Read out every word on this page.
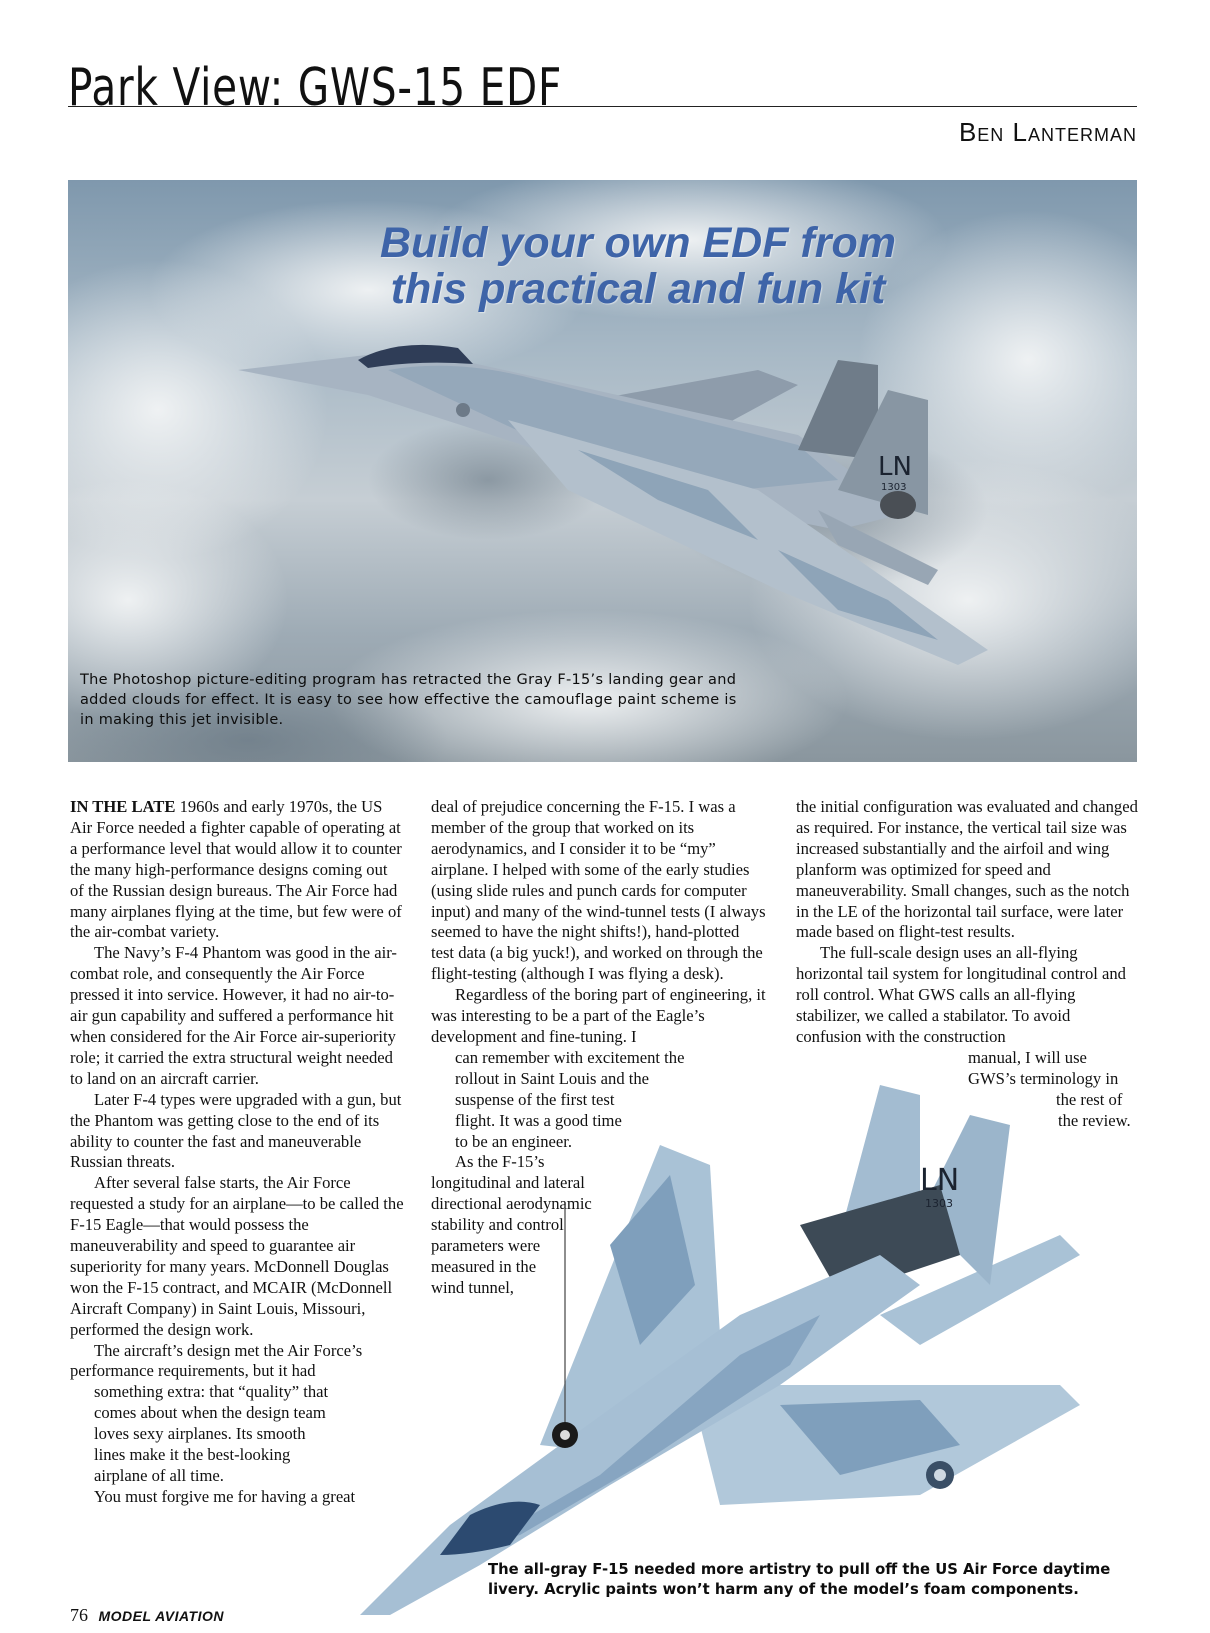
Park View: GWS-15 EDF
Ben Lanterman
Build your own EDF from
this practical and fun kit
LN
1303

The Photoshop picture-editing program has retracted the Gray F-15’s landing gear and added clouds for effect. It is easy to see how effective the camouflage paint scheme is in making this jet invisible.

IN THE LATE 1960s and early 1970s, the US Air Force needed a fighter capable of operating at a performance level that would allow it to counter the many high-performance designs coming out of the Russian design bureaus. The Air Force had many airplanes flying at the time, but few were of the air-combat variety.

The Navy’s F-4 Phantom was good in the air-combat role, and consequently the Air Force pressed it into service. However, it had no air-to-air gun capability and suffered a performance hit when considered for the Air Force air-superiority role; it carried the extra structural weight needed to land on an aircraft carrier.

Later F-4 types were upgraded with a gun, but the Phantom was getting close to the end of its ability to counter the fast and maneuverable Russian threats.

After several false starts, the Air Force requested a study for an airplane—to be called the F-15 Eagle—that would possess the maneuverability and speed to guarantee air superiority for many years. McDonnell Douglas won the F-15 contract, and MCAIR (McDonnell Aircraft Company) in Saint Louis, Missouri, performed the design work.

The aircraft’s design met the Air Force’s performance requirements, but it had
something extra: that “quality” that
comes about when the design team
loves sexy airplanes. Its smooth
lines make it the best-looking
airplane of all time.

You must forgive me for having a great

deal of prejudice concerning the F-15. I was a member of the group that worked on its aerodynamics, and I consider it to be “my” airplane. I helped with some of the early studies (using slide rules and punch cards for computer input) and many of the wind-tunnel tests (I always seemed to have the night shifts!), hand-plotted test data (a big yuck!), and worked on through the flight-testing (although I was flying a desk).

Regardless of the boring part of engineering, it was interesting to be a part of the Eagle’s development and fine-tuning. I
can remember with excitement the
rollout in Saint Louis and the
suspense of the first test
flight. It was a good time
to be an engineer.

As the F-15’s
longitudinal and lateral
directional aerodynamic
stability and control
parameters were
measured in the
wind tunnel,

the initial configuration was evaluated and changed as required. For instance, the vertical tail size was increased substantially and the airfoil and wing planform was optimized for speed and maneuverability. Small changes, such as the notch in the LE of the horizontal tail surface, were later made based on flight-test results.

The full-scale design uses an all-flying horizontal tail system for longitudinal control and roll control. What GWS calls an all-flying stabilizer, we called a stabilator. To avoid confusion with the construction
manual, I will use
GWS’s terminology in
the rest of
the review.

LN
1303

The all-gray F-15 needed more artistry to pull off the US Air Force daytime livery. Acrylic paints won’t harm any of the model’s foam components.

76 MODEL AVIATION
